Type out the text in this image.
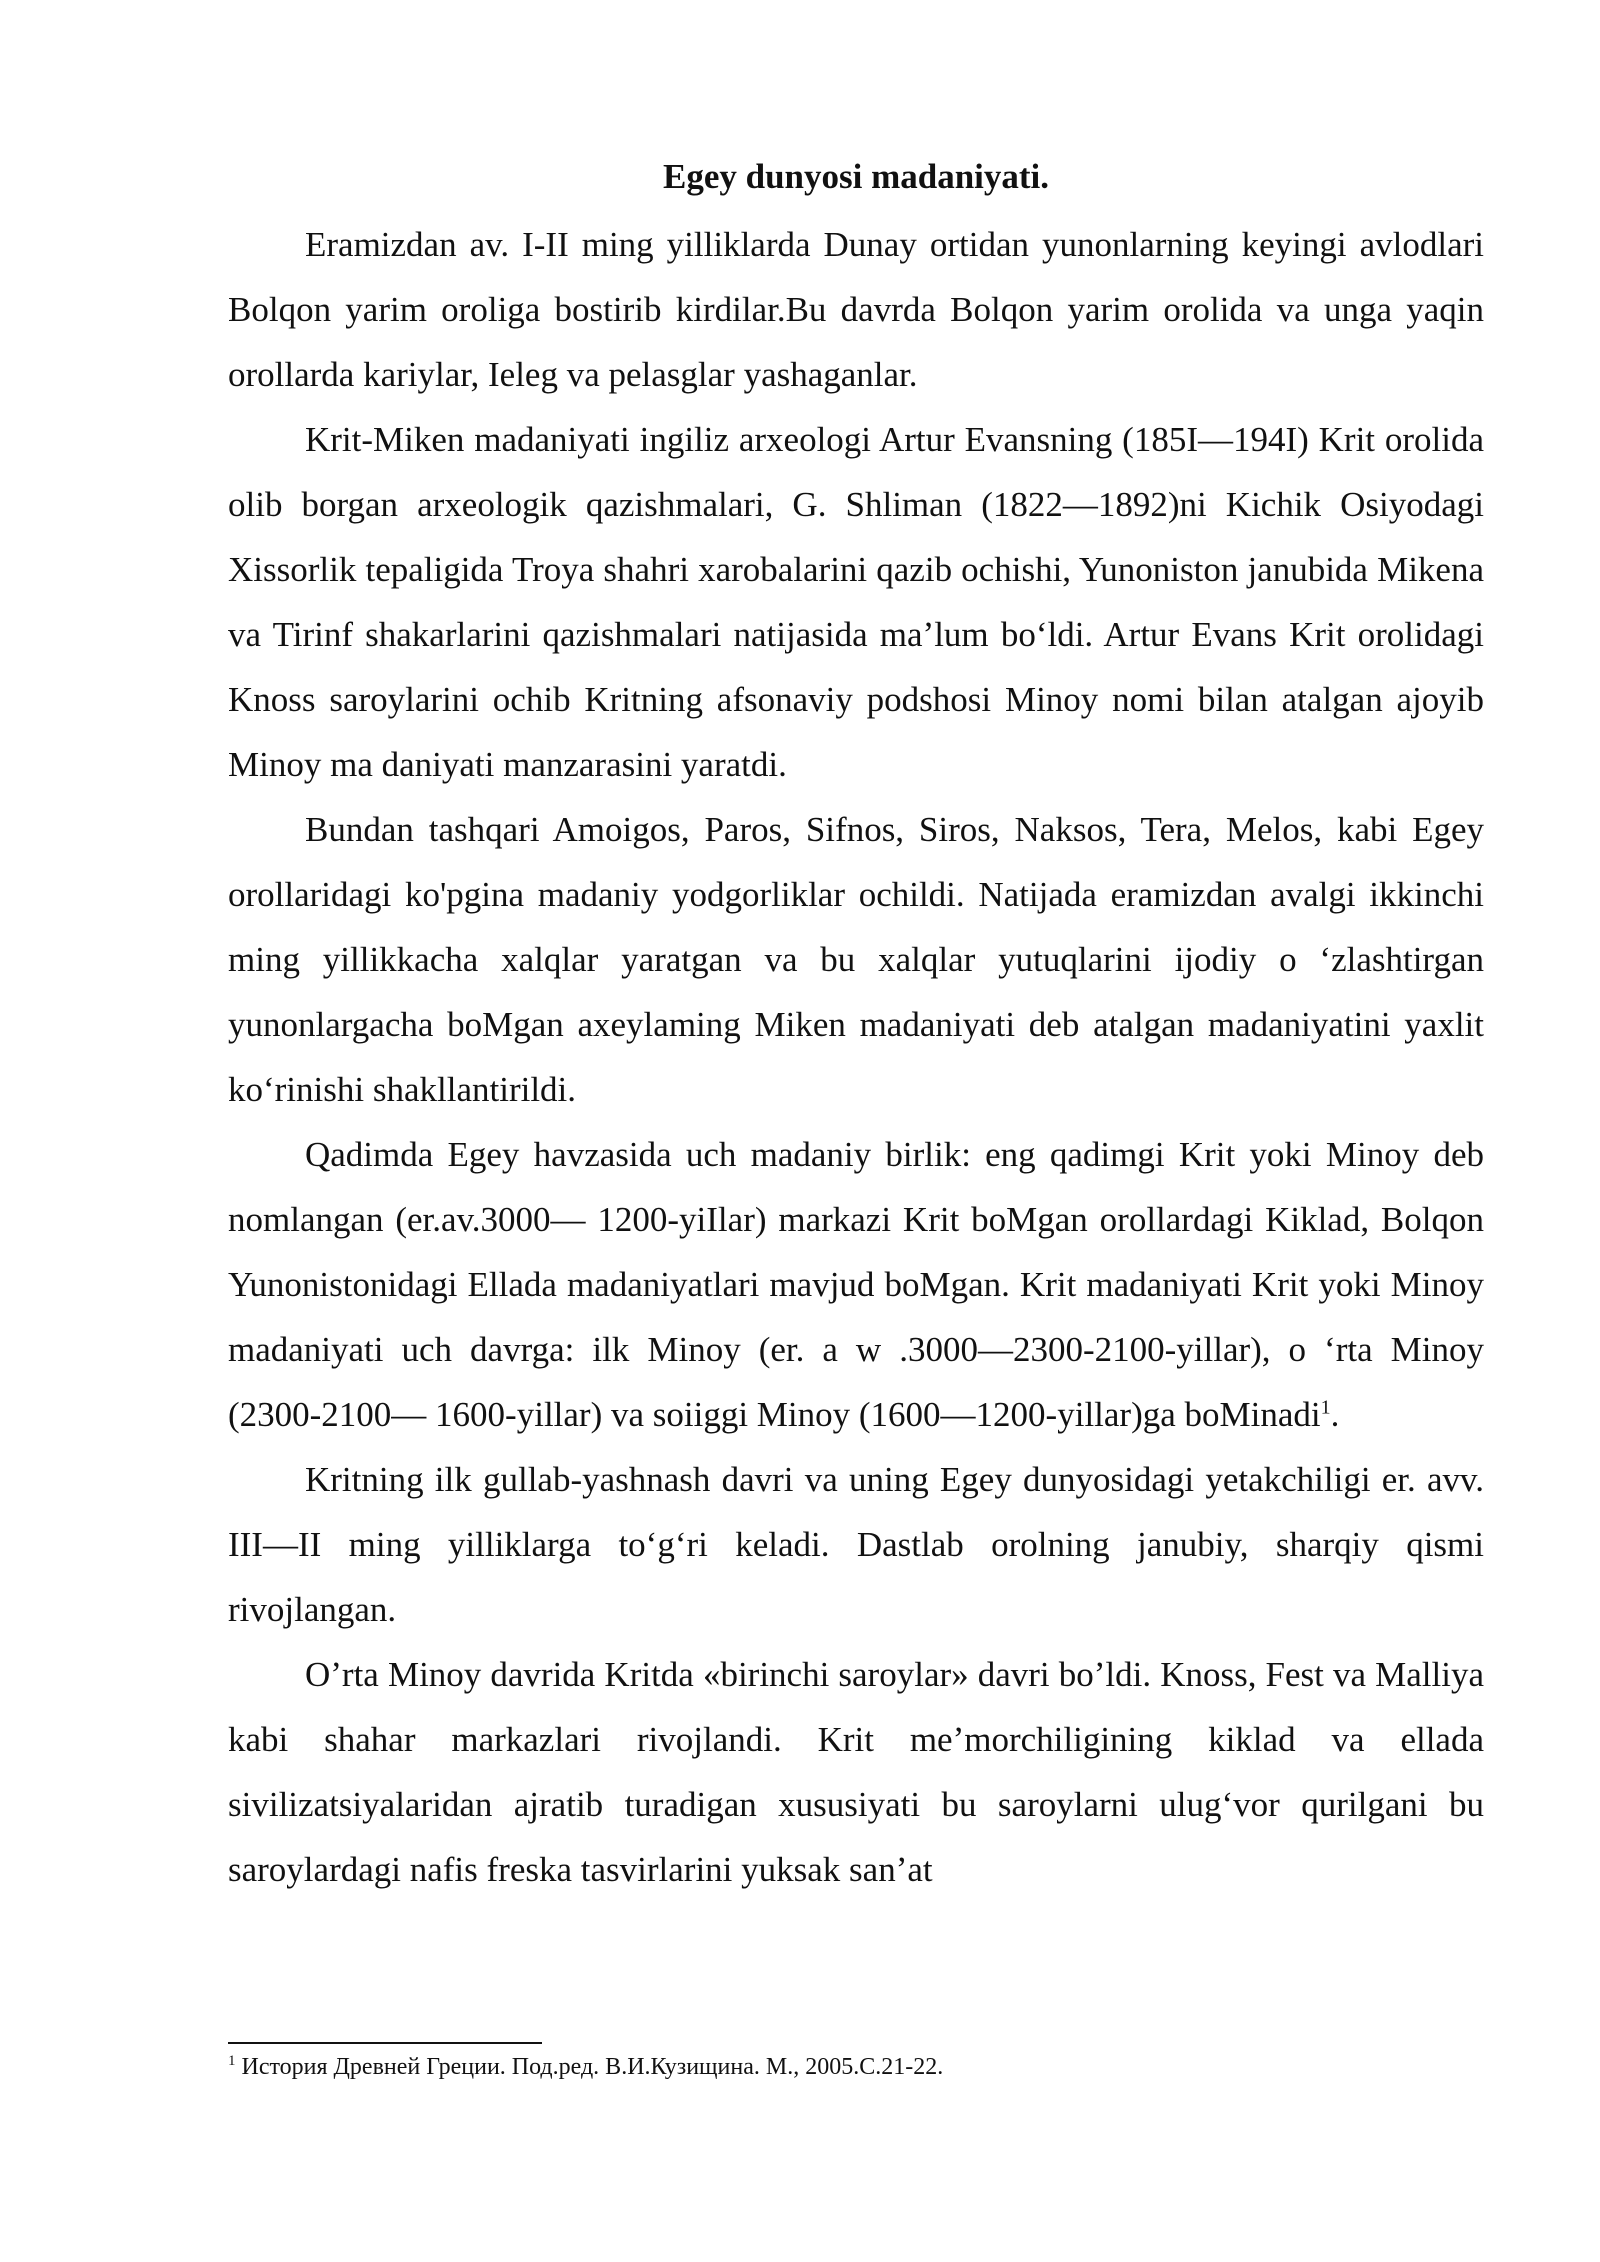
Egey dunyosi madaniyati.

Eramizdan av. I-II ming yilliklarda Dunay ortidan yunonlarning keyingi avlodlari Bolqon yarim oroliga bostirib kirdilar.Bu davrda Bolqon yarim orolida va unga yaqin orollarda kariylar, Ieleg va pelasglar yashaganlar.

Krit-Miken madaniyati ingiliz arxeologi Artur Evansning (185I—194I) Krit orolida olib borgan arxeologik qazishmalari, G. Shliman (1822—1892)ni Kichik Osiyodagi Xissorlik tepaligida Troya shahri xarobalarini qazib ochishi, Yunoniston janubida Mikena va Tirinf shakarlarini qazishmalari natijasida maʼlum boʻldi. Artur Evans Krit orolidagi Knoss saroylarini ochib Kritning afsonaviy podshosi Minoy nomi bilan atalgan ajoyib Minoy ma daniyati manzarasini yaratdi.

Bundan tashqari Amoigos, Paros, Sifnos, Siros, Naksos, Tera, Melos, kabi Egey orollaridagi ko'pgina madaniy yodgorliklar ochildi. Natijada eramizdan avalgi ikkinchi ming yillikkacha xalqlar yaratgan va bu xalqlar yutuqlarini ijodiy o ‘zlashtirgan yunonlargacha boMgan axeylaming Miken madaniyati deb atalgan madaniyatini yaxlit koʻrinishi shakllantirildi.

Qadimda Egey havzasida uch madaniy birlik: eng qadimgi Krit yoki Minoy deb nomlangan (er.av.3000— 1200-yiIlar) markazi Krit boMgan orollardagi Kiklad, Bolqon Yunonistonidagi Ellada madaniyatlari mavjud boMgan. Krit madaniyati Krit yoki Minoy madaniyati uch davrga: ilk Minoy (er. a w .3000—2300-2100-yillar), o ‘rta Minoy (2300-2100— 1600-yillar) va soiiggi Minoy (1600—1200-yillar)ga boMinadi$^1$.

Kritning ilk gullab-yashnash davri va uning Egey dunyosidagi yetakchiligi er. avv. III—II ming yilliklarga toʻgʻri keladi. Dastlab orolning janubiy, sharqiy qismi rivojlangan.

Oʼrta Minoy davrida Kritda «birinchi saroylar» davri boʼldi. Knoss, Fest va Malliya kabi shahar markazlari rivojlandi. Krit meʼmorchiligining kiklad va ellada sivilizatsiyalaridan ajratib turadigan xususiyati bu saroylarni ulugʻvor qurilgani bu saroylardagi nafis freska tasvirlarini yuksak sanʼat

$^1$ История Древней Греции. Под.ред. В.И.Кузищина. М., 2005.С.21-22.
